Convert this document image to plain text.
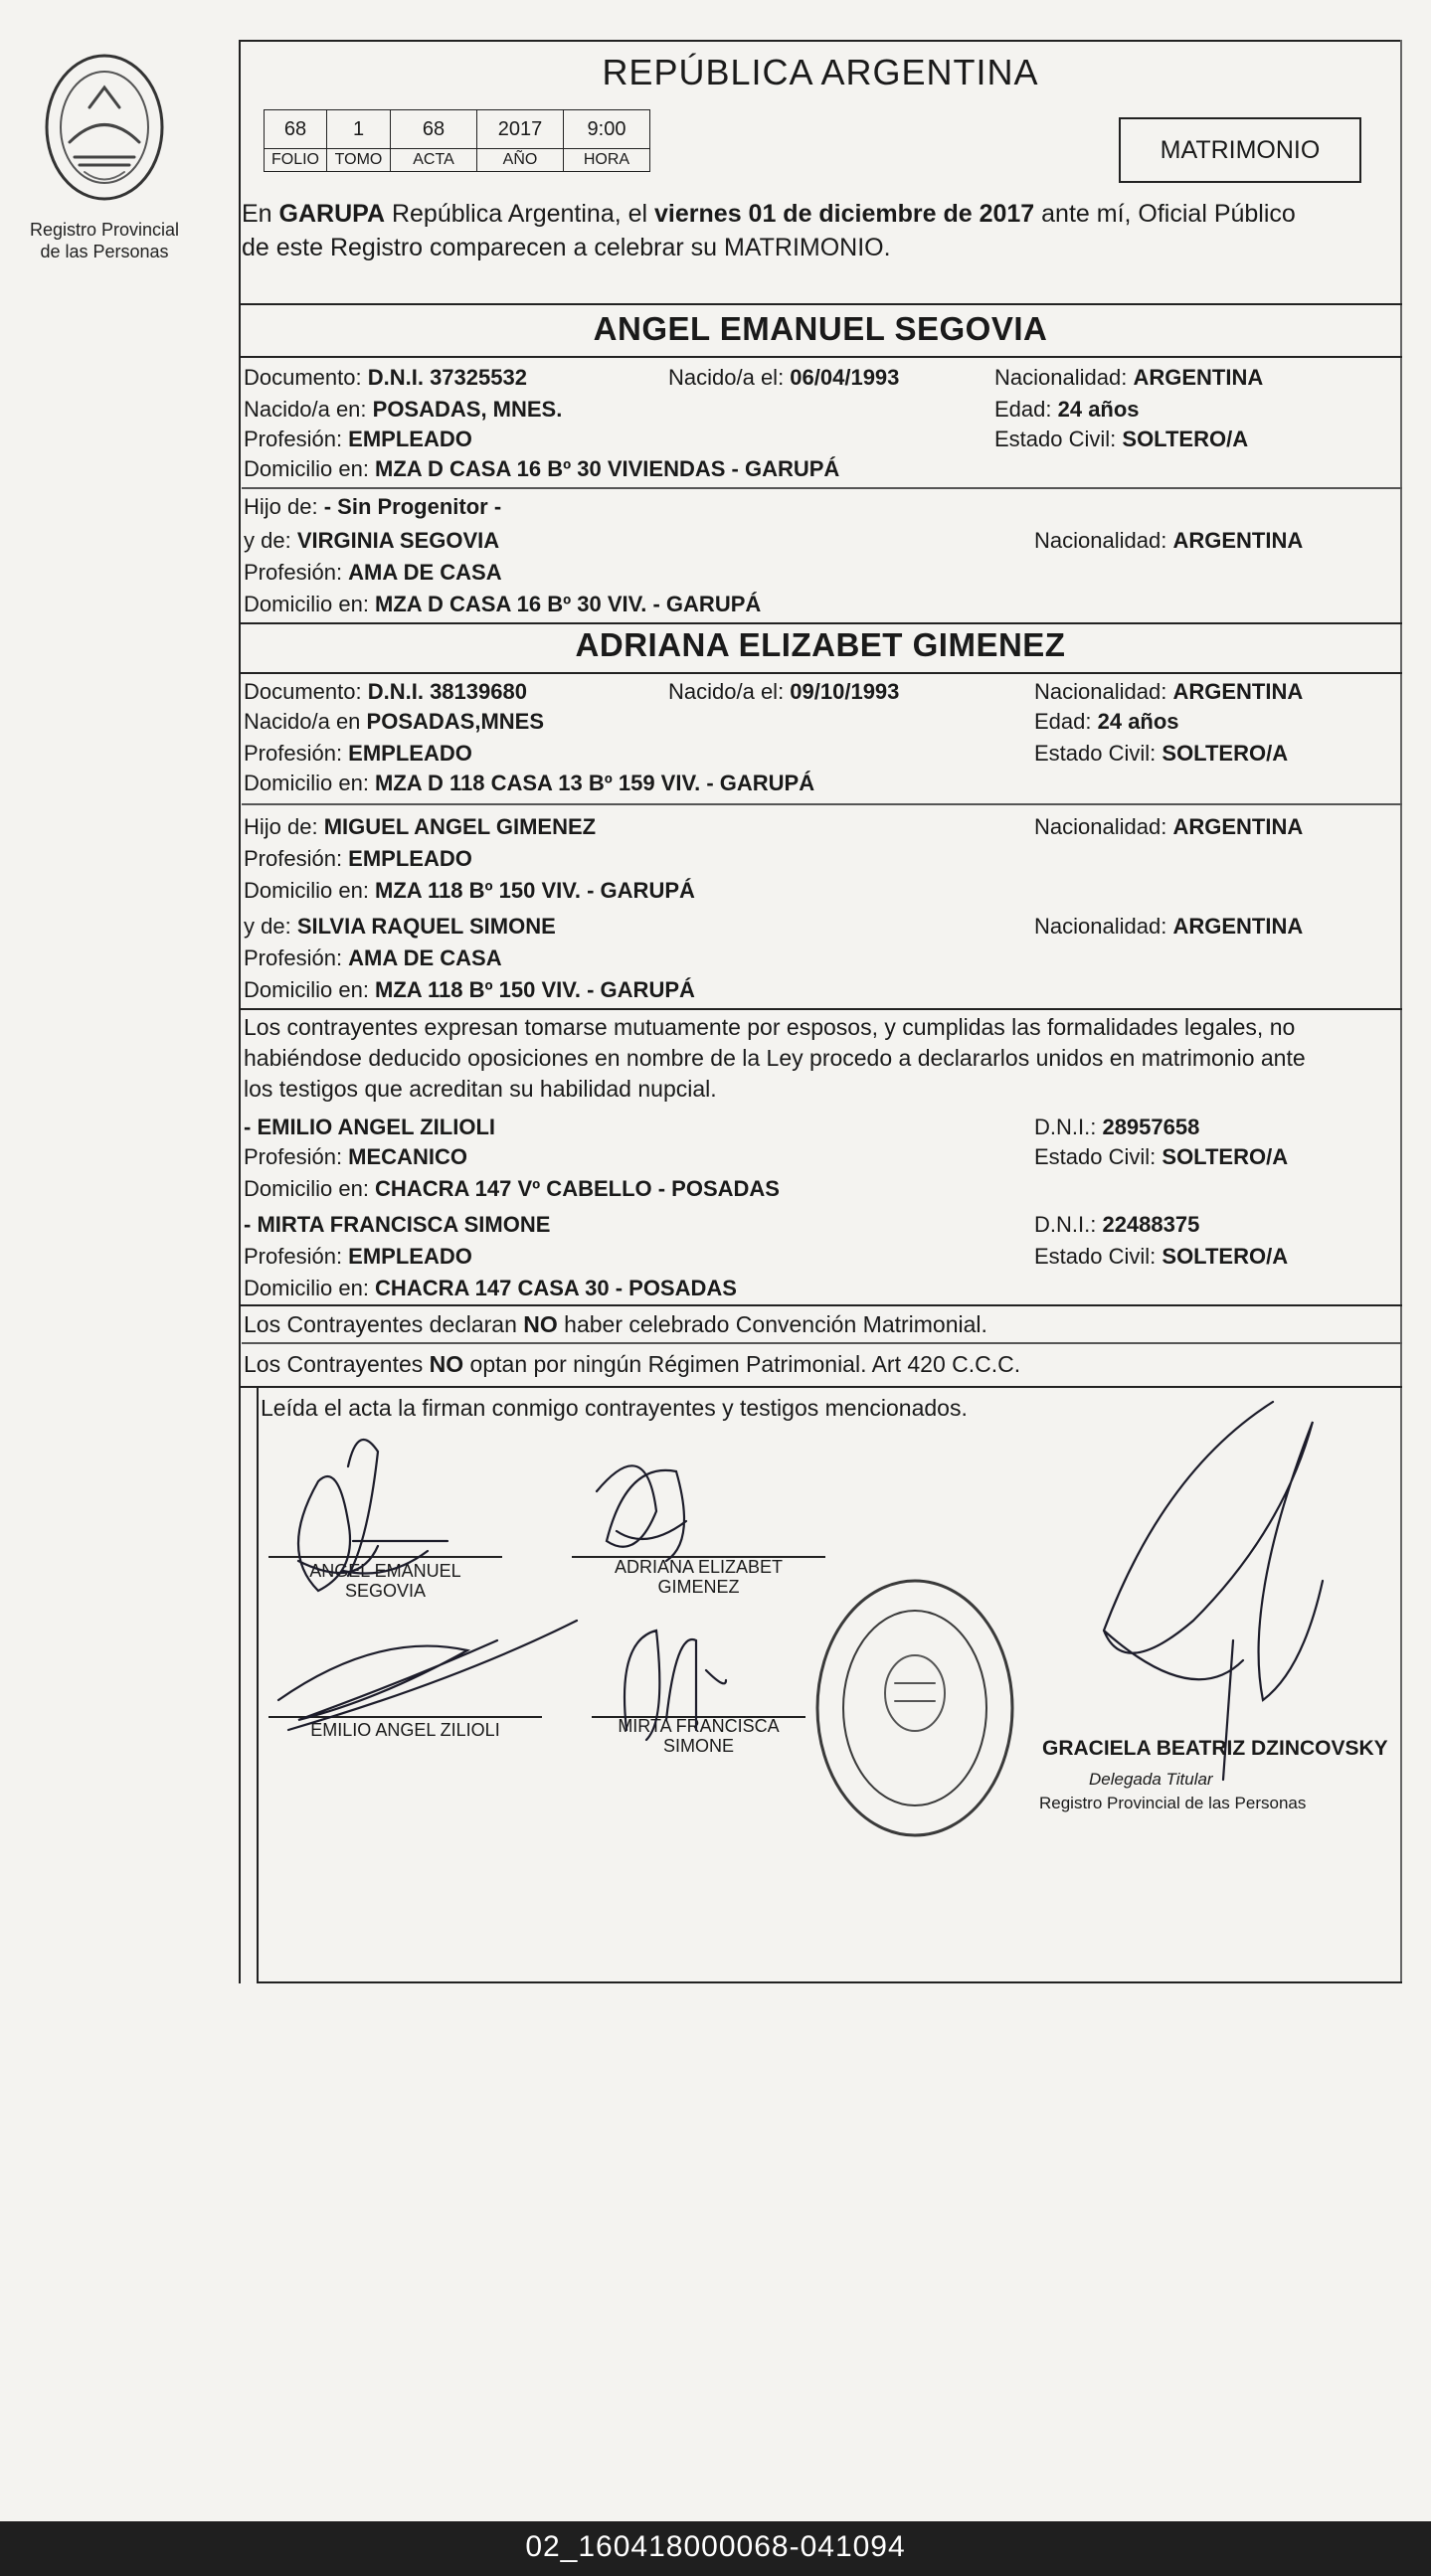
Registro Provincial
de las Personas
REPÚBLICA ARGENTINA
68	1	68	2017	9:00
FOLIO	TOMO	ACTA	AÑO	HORA	MATRIMONIO
En GARUPA República Argentina, el viernes 01 de diciembre de 2017 ante mí, Oficial Público
de este Registro comparecen a celebrar su MATRIMONIO.
ANGEL EMANUEL SEGOVIA
Documento: D.N.I. 37325532	Nacido/a el: 06/04/1993	Nacionalidad: ARGENTINA
Nacido/a en: POSADAS, MNES.	Edad: 24 años
Profesión: EMPLEADO	Estado Civil: SOLTERO/A
Domicilio en: MZA D CASA 16 Bº 30 VIVIENDAS - GARUPÁ
Hijo de: - Sin Progenitor -
y de: VIRGINIA SEGOVIA	Nacionalidad: ARGENTINA
Profesión: AMA DE CASA
Domicilio en: MZA D CASA 16 Bº 30 VIV. - GARUPÁ
ADRIANA ELIZABET GIMENEZ
Documento: D.N.I. 38139680	Nacido/a el: 09/10/1993	Nacionalidad: ARGENTINA
Nacido/a en POSADAS,MNES	Edad: 24 años
Profesión: EMPLEADO	Estado Civil: SOLTERO/A
Domicilio en: MZA D 118 CASA 13 Bº 159 VIV. - GARUPÁ
Hijo de: MIGUEL ANGEL GIMENEZ	Nacionalidad: ARGENTINA
Profesión: EMPLEADO
Domicilio en: MZA 118 Bº 150 VIV. - GARUPÁ
y de: SILVIA RAQUEL SIMONE	Nacionalidad: ARGENTINA
Profesión: AMA DE CASA
Domicilio en: MZA 118 Bº 150 VIV. - GARUPÁ
Los contrayentes expresan tomarse mutuamente por esposos, y cumplidas las formalidades legales, no
habiéndose deducido oposiciones en nombre de la Ley procedo a declararlos unidos en matrimonio ante
los testigos que acreditan su habilidad nupcial.
- EMILIO ANGEL ZILIOLI	D.N.I.: 28957658
Profesión: MECANICO	Estado Civil: SOLTERO/A
Domicilio en: CHACRA 147 Vº CABELLO - POSADAS
- MIRTA FRANCISCA SIMONE	D.N.I.: 22488375
Profesión: EMPLEADO	Estado Civil: SOLTERO/A
Domicilio en: CHACRA 147 CASA 30 - POSADAS
Los Contrayentes declaran NO haber celebrado Convención Matrimonial.
Los Contrayentes NO optan por ningún Régimen Patrimonial. Art 420 C.C.C.
Leída el acta la firman conmigo contrayentes y testigos mencionados.
ANGEL EMANUEL
SEGOVIA
ADRIANA ELIZABET
GIMENEZ
EMILIO ANGEL ZILIOLI	MIRTA FRANCISCA
SIMONE	GRACIELA BEATRIZ DZINCOVSKY
Delegada Titular
Registro Provincial de las Personas
02_160418000068-041094
